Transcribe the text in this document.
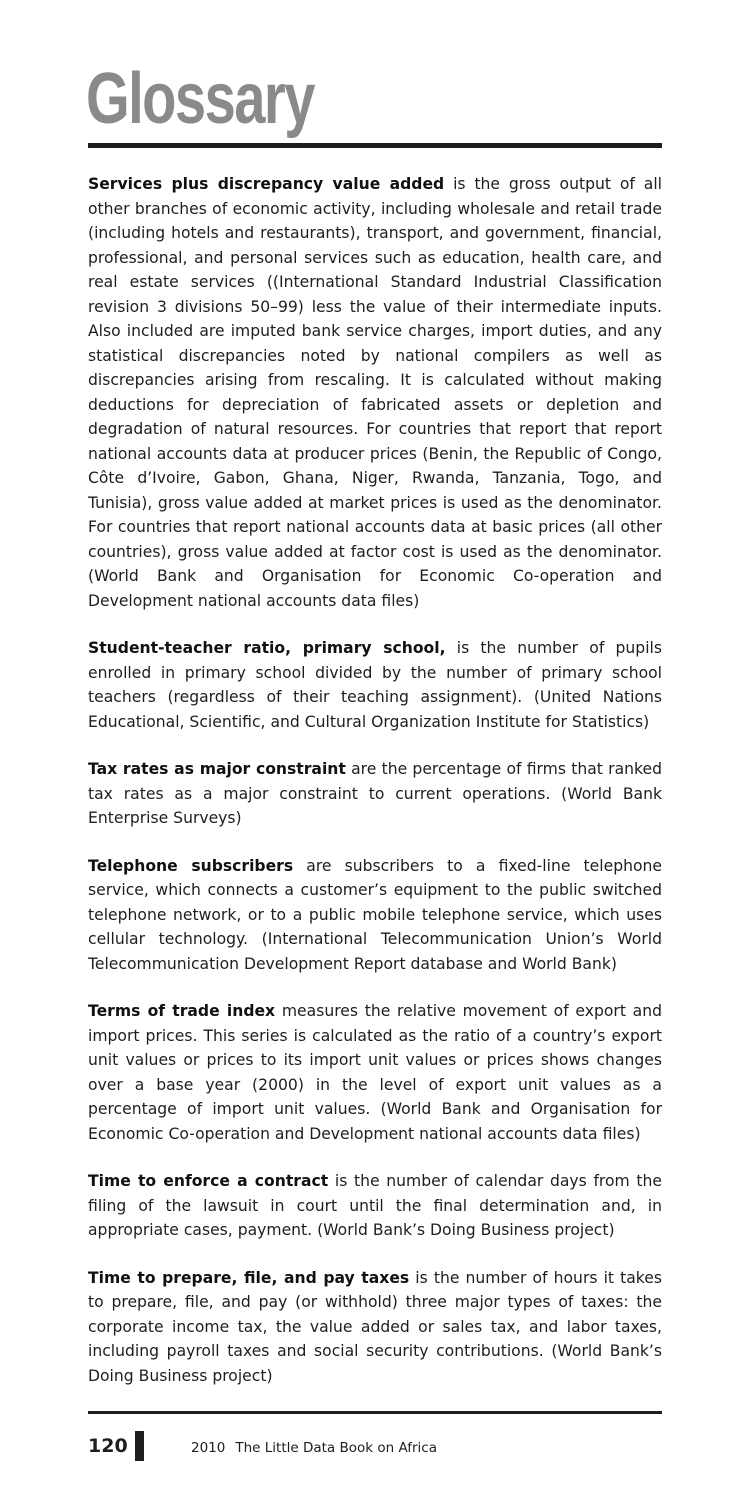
Glossary

Services plus discrepancy value added is the gross output of all other branches of economic activity, including wholesale and retail trade (including hotels and restaurants), transport, and government, financial, professional, and personal services such as education, health care, and real estate services ((International Standard Industrial Classification revision 3 divisions 50–99) less the value of their intermediate inputs. Also included are imputed bank service charges, import duties, and any statistical discrepancies noted by national compilers as well as discrepancies arising from rescaling. It is calculated without making deductions for depreciation of fabricated assets or depletion and degradation of natural resources. For countries that report that report national accounts data at producer prices (Benin, the Republic of Congo, Côte d’Ivoire, Gabon, Ghana, Niger, Rwanda, Tanzania, Togo, and Tunisia), gross value added at market prices is used as the denominator. For countries that report national accounts data at basic prices (all other countries), gross value added at factor cost is used as the denominator. (World Bank and Organisation for Economic Co-operation and Development national accounts data files)

Student-teacher ratio, primary school, is the number of pupils enrolled in primary school divided by the number of primary school teachers (regardless of their teaching assignment). (United Nations Educational, Scientific, and Cultural Organization Institute for Statistics)

Tax rates as major constraint are the percentage of firms that ranked tax rates as a major constraint to current operations. (World Bank Enterprise Surveys)

Telephone subscribers are subscribers to a fixed-line telephone service, which connects a customer’s equipment to the public switched telephone network, or to a public mobile telephone service, which uses cellular technology. (International Telecommunication Union’s World Telecommunication Development Report database and World Bank)

Terms of trade index measures the relative movement of export and import prices. This series is calculated as the ratio of a country’s export unit values or prices to its import unit values or prices shows changes over a base year (2000) in the level of export unit values as a percentage of import unit values. (World Bank and Organisation for Economic Co-operation and Development national accounts data files)

Time to enforce a contract is the number of calendar days from the filing of the lawsuit in court until the final determination and, in appropriate cases, payment. (World Bank’s Doing Business project)

Time to prepare, file, and pay taxes is the number of hours it takes to prepare, file, and pay (or withhold) three major types of taxes: the corporate income tax, the value added or sales tax, and labor taxes, including payroll taxes and social security contributions. (World Bank’s Doing Business project)

120	2010 The Little Data Book on Africa
